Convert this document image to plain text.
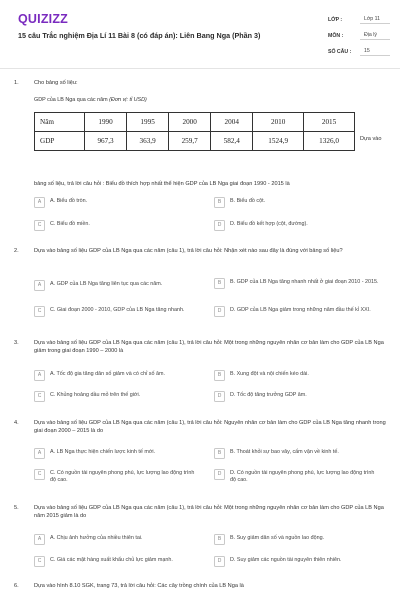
QUIZIZZ
15 câu Trắc nghiệm Địa Lí 11 Bài 8 (có đáp án): Liên Bang Nga (Phần 3)
LỚP :	Lớp 11
MÔN :	Địa lý
SỐ CÂU :	15
1.	Cho bảng số liệu:
GDP của LB Nga qua các năm (Đơn vị: tỉ USD)
Năm	1990	1995	2000	2004	2010	2015
GDP	967,3	363,9	259,7	582,4	1524,9	1326,0	Dựa vào
bảng số liệu, trả lời câu hỏi : Biểu đồ thích hợp nhất thể hiện GDP của LB Nga giai đoạn 1990 - 2015 là
A	A. Biểu đồ tròn.	B	B. Biểu đồ cột.
C	C. Biểu đồ miền.	D	D. Biểu đồ kết hợp (cột, đường).
2.	Dựa vào bảng số liệu GDP của LB Nga qua các năm (câu 1), trả lời câu hỏi: Nhận xét nào sau đây là đúng với bảng số liệu?
A	A. GDP của LB Nga tăng liên tục qua các năm.	B	B. GDP của LB Nga tăng nhanh nhất ở giai đoạn 2010 - 2015.
C	C. Giai đoạn 2000 - 2010, GDP của LB Nga tăng nhanh.	D	D. GDP của LB Nga giảm trong những năm đầu thế kỉ XXI.
3.	Dựa vào bảng số liệu GDP của LB Nga qua các năm (câu 1), trả lời câu hỏi: Một trong những nguyên nhân cơ bản làm cho GDP của LB Nga giảm trong giai đoạn 1990 – 2000 là
A	A. Tốc độ gia tăng dân số giảm và có chỉ số âm.	B	B. Xung đột và nội chiến kéo dài.
C	C. Khủng hoảng dầu mỏ trên thế giới.	D	D. Tốc độ tăng trưởng GDP âm.
4.	Dựa vào bảng số liệu GDP của LB Nga qua các năm (câu 1), trả lời câu hỏi: Nguyên nhân cơ bản làm cho GDP của LB Nga tăng nhanh trong giai đoạn 2000 – 2015 là do
A	A. LB Nga thực hiện chiến lược kinh tế mới.	B	B. Thoát khỏi sự bao vây, cấm vận về kinh tế.
C	C. Có nguồn tài nguyên phong phú, lực lượng lao động trình độ cao.
D	D. Có nguồn tài nguyên phong phú, lực lượng lao động trình độ cao.
5.	Dựa vào bảng số liệu GDP của LB Nga qua các năm (câu 1), trả lời câu hỏi: Một trong những nguyên nhân cơ bản làm cho GDP của LB Nga năm 2015 giảm là do
A	A. Chịu ảnh hưởng của nhiều thiên tai.	B	B. Suy giảm dân số và nguồn lao động.
C	C. Giá các mặt hàng xuất khẩu chủ lực giảm mạnh.	D	D. Suy giảm các nguồn tài nguyên thiên nhiên.
6.	Dựa vào hình 8.10 SGK, trang 73, trả lời câu hỏi: Các cây trồng chính của LB Nga là
